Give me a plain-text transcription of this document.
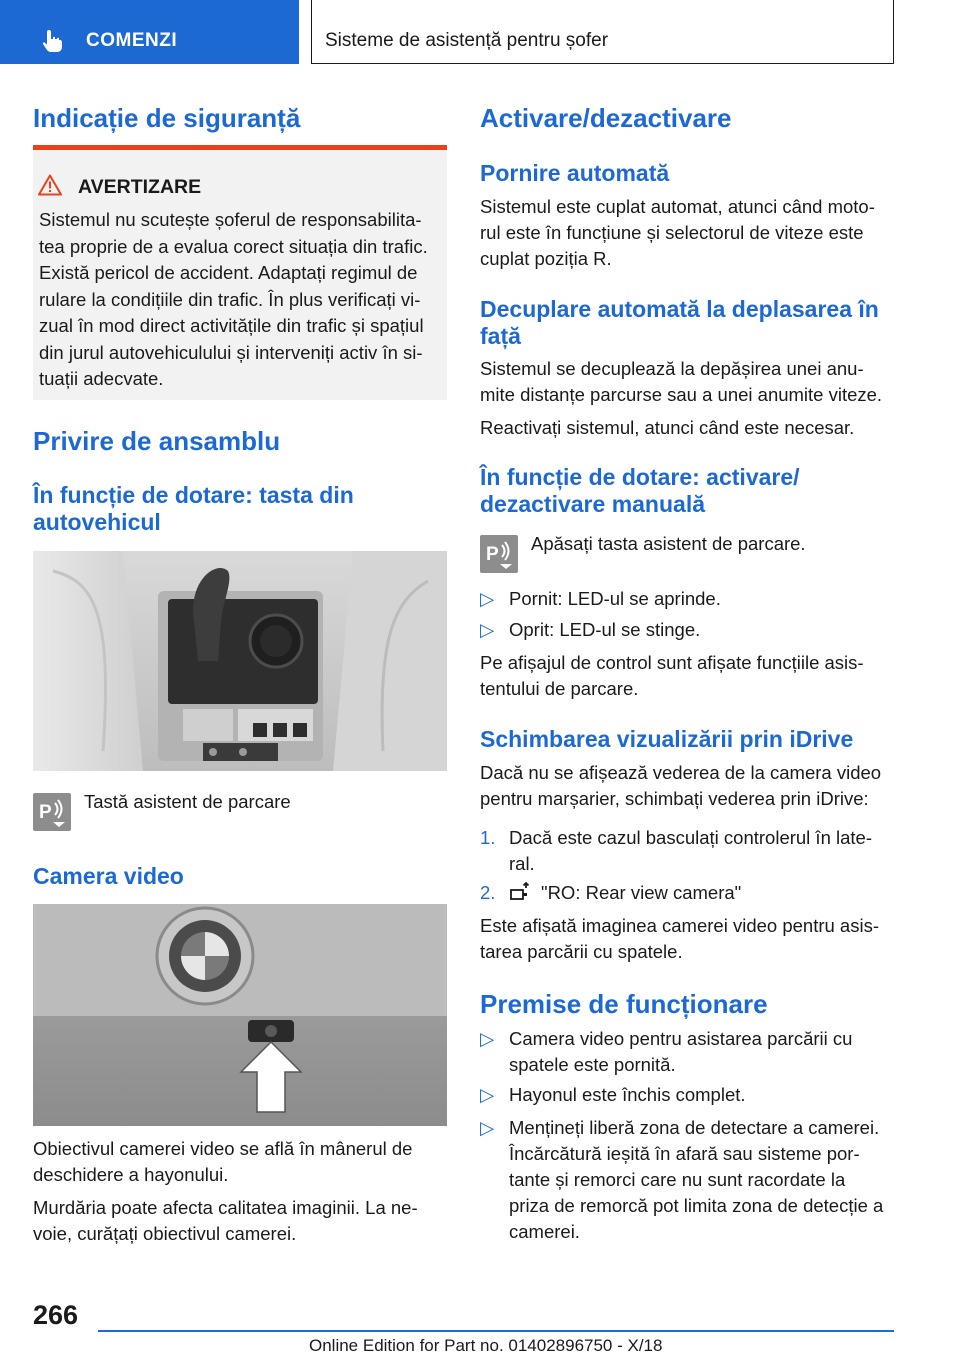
COMENZI	Sisteme de asistență pentru șofer
Indicație de siguranță
AVERTIZARE
Sistemul nu scutește șoferul de responsabilita-
tea proprie de a evalua corect situația din trafic.
Există pericol de accident. Adaptați regimul de
rulare la condițiile din trafic. În plus verificați vi-
zual în mod direct activitățile din trafic și spațiul
din jurul autovehiculului și interveniți activ în si-
tuații adecvate.
Privire de ansamblu
În funcție de dotare: tasta din
autovehicul
P

Tastă asistent de parcare

Camera video

Obiectivul camerei video se află în mânerul de

deschidere a hayonului.

Murdăria poate afecta calitatea imaginii. La ne-

voie, curățați obiectivul camerei.

Activare/dezactivare
Pornire automată

Sistemul este cuplat automat, atunci când moto-

rul este în funcțiune și selectorul de viteze este

cuplat poziția R.

Decuplare automată la deplasarea în
față

Sistemul se decuplează la depășirea unei anu-

mite distanțe parcurse sau a unei anumite viteze.

Reactivați sistemul, atunci când este necesar.

În funcție de dotare: activare/
dezactivare manuală
P

Apăsați tasta asistent de parcare.

▷ Pornit: LED-ul se aprinde.
▷ Oprit: LED-ul se stinge.

Pe afișajul de control sunt afișate funcțiile asis-

tentului de parcare.

Schimbarea vizualizării prin iDrive

Dacă nu se afișează vederea de la camera video

pentru marșarier, schimbați vederea prin iDrive:

1. Dacă este cazul basculați controlerul în late-
ral.
2. "RO: Rear view camera"

Este afișată imaginea camerei video pentru asis-

tarea parcării cu spatele.

Premise de funcționare
▷ Camera video pentru asistarea parcării cu
spatele este pornită.
▷ Hayonul este închis complet.
▷ Mențineți liberă zona de detectare a camerei.
Încărcătură ieșită în afară sau sisteme por-
tante și remorci care nu sunt racordate la
priza de remorcă pot limita zona de detecție a
camerei.
266
Online Edition for Part no. 01402896750 - X/18
